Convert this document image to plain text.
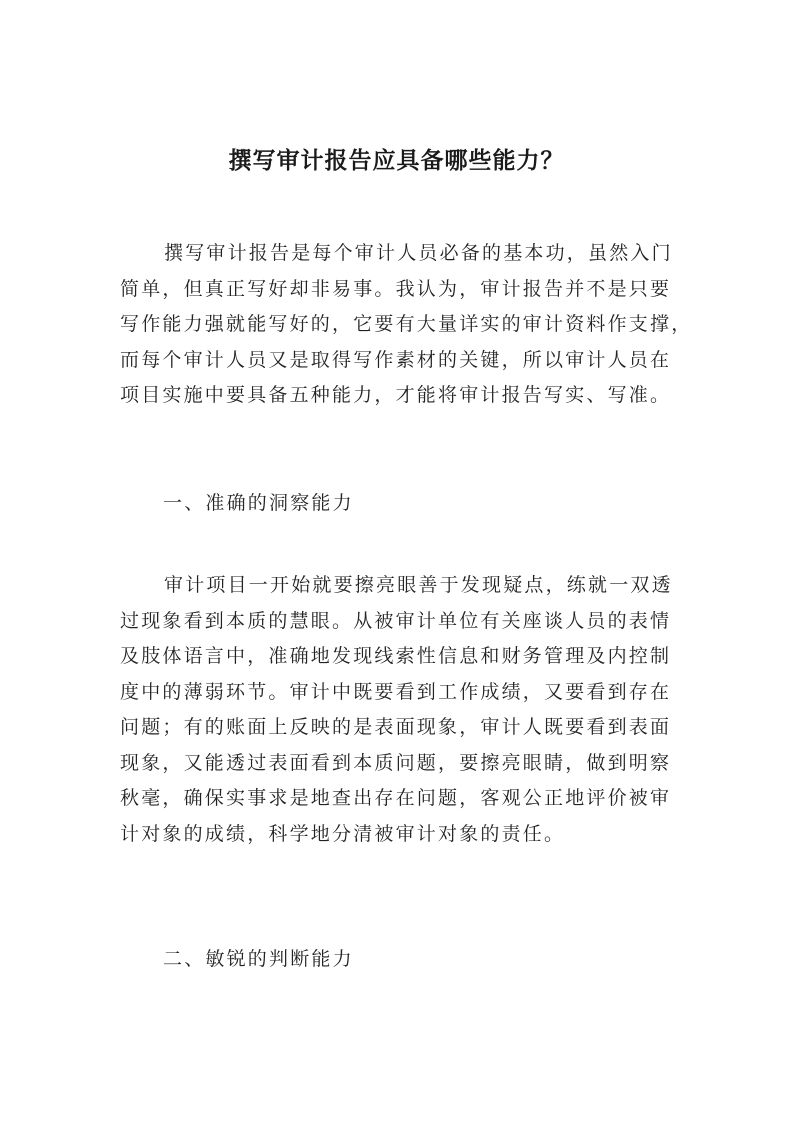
撰写审计报告应具备哪些能力？

撰写审计报告是每个审计人员必备的基本功，虽然入门
简单，但真正写好却非易事。我认为，审计报告并不是只要
写作能力强就能写好的，它要有大量详实的审计资料作支撑，
而每个审计人员又是取得写作素材的关键，所以审计人员在
项目实施中要具备五种能力，才能将审计报告写实、写准。

一、准确的洞察能力

审计项目一开始就要擦亮眼善于发现疑点，练就一双透
过现象看到本质的慧眼。从被审计单位有关座谈人员的表情
及肢体语言中，准确地发现线索性信息和财务管理及内控制
度中的薄弱环节。审计中既要看到工作成绩，又要看到存在
问题；有的账面上反映的是表面现象，审计人既要看到表面
现象，又能透过表面看到本质问题，要擦亮眼睛，做到明察
秋毫，确保实事求是地查出存在问题，客观公正地评价被审
计对象的成绩，科学地分清被审计对象的责任。

二、敏锐的判断能力
